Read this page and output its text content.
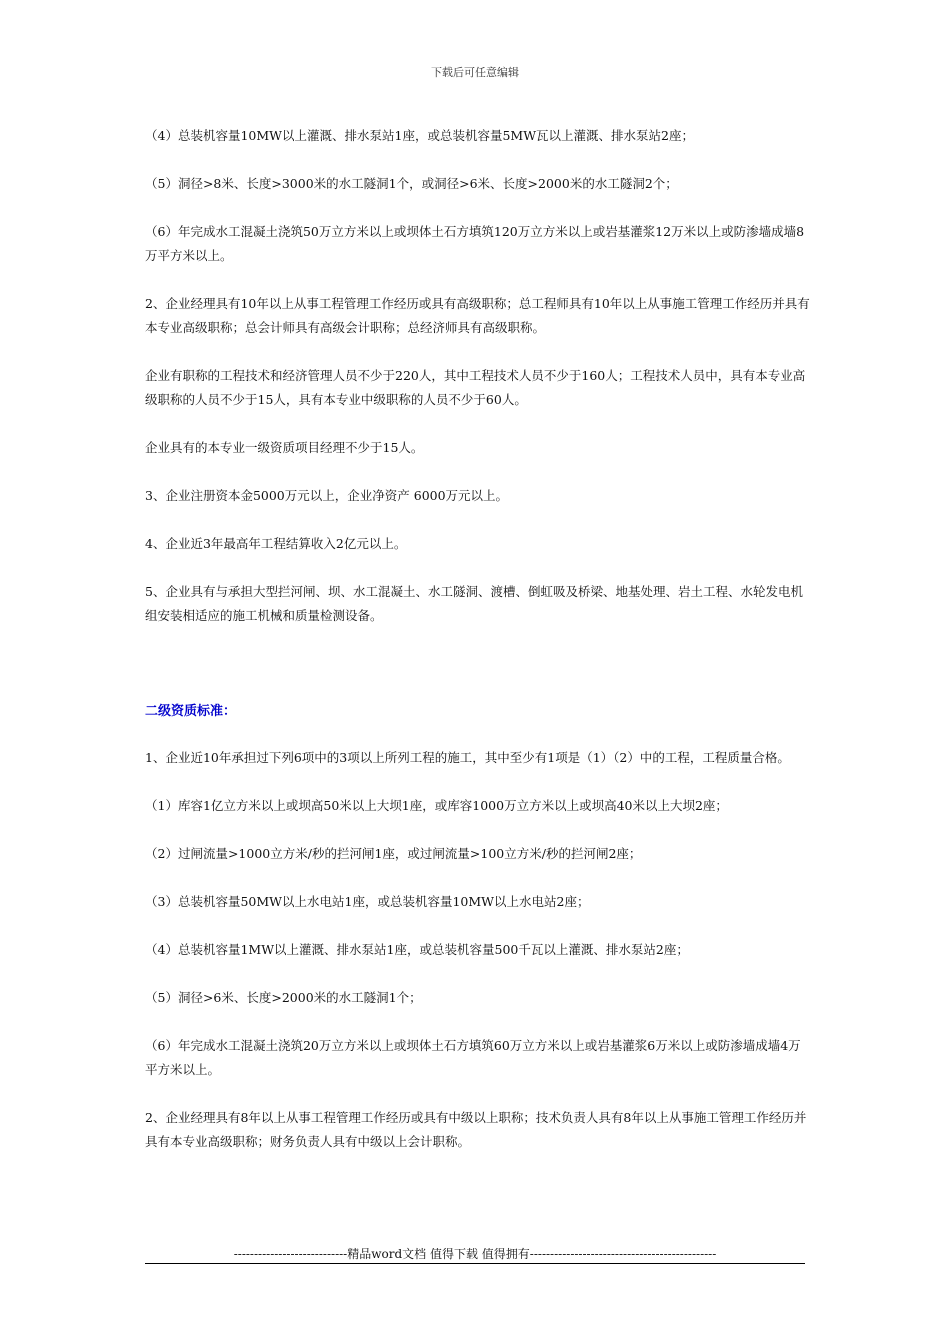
下载后可任意编辑

（4）总装机容量10MW以上灌溉、排水泵站1座，或总装机容量5MW瓦以上灌溉、排水泵站2座；

（5）洞径>8米、长度>3000米的水工隧洞1个，或洞径>6米、长度>2000米的水工隧洞2个；

（6）年完成水工混凝土浇筑50万立方米以上或坝体土石方填筑120万立方米以上或岩基灌浆12万米以上或防渗墙成墙8万平方米以上。

2、企业经理具有10年以上从事工程管理工作经历或具有高级职称；总工程师具有10年以上从事施工管理工作经历并具有本专业高级职称；总会计师具有高级会计职称；总经济师具有高级职称。

企业有职称的工程技术和经济管理人员不少于220人，其中工程技术人员不少于160人；工程技术人员中，具有本专业高级职称的人员不少于15人，具有本专业中级职称的人员不少于60人。

企业具有的本专业一级资质项目经理不少于15人。

3、企业注册资本金5000万元以上，企业净资产 6000万元以上。

4、企业近3年最高年工程结算收入2亿元以上。

5、企业具有与承担大型拦河闸、坝、水工混凝土、水工隧洞、渡槽、倒虹吸及桥梁、地基处理、岩土工程、水轮发电机组安装相适应的施工机械和质量检测设备。

二级资质标准：

1、企业近10年承担过下列6项中的3项以上所列工程的施工，其中至少有1项是（1）（2）中的工程，工程质量合格。

（1）库容1亿立方米以上或坝高50米以上大坝1座，或库容1000万立方米以上或坝高40米以上大坝2座；

（2）过闸流量>1000立方米/秒的拦河闸1座，或过闸流量>100立方米/秒的拦河闸2座；

（3）总装机容量50MW以上水电站1座，或总装机容量10MW以上水电站2座；

（4）总装机容量1MW以上灌溉、排水泵站1座，或总装机容量500千瓦以上灌溉、排水泵站2座；

（5）洞径>6米、长度>2000米的水工隧洞1个；

（6）年完成水工混凝土浇筑20万立方米以上或坝体土石方填筑60万立方米以上或岩基灌浆6万米以上或防渗墙成墙4万平方米以上。

2、企业经理具有8年以上从事工程管理工作经历或具有中级以上职称；技术负责人具有8年以上从事施工管理工作经历并具有本专业高级职称；财务负责人具有中级以上会计职称。

----------------------------精品word文档 值得下载 值得拥有----------------------------------------------
